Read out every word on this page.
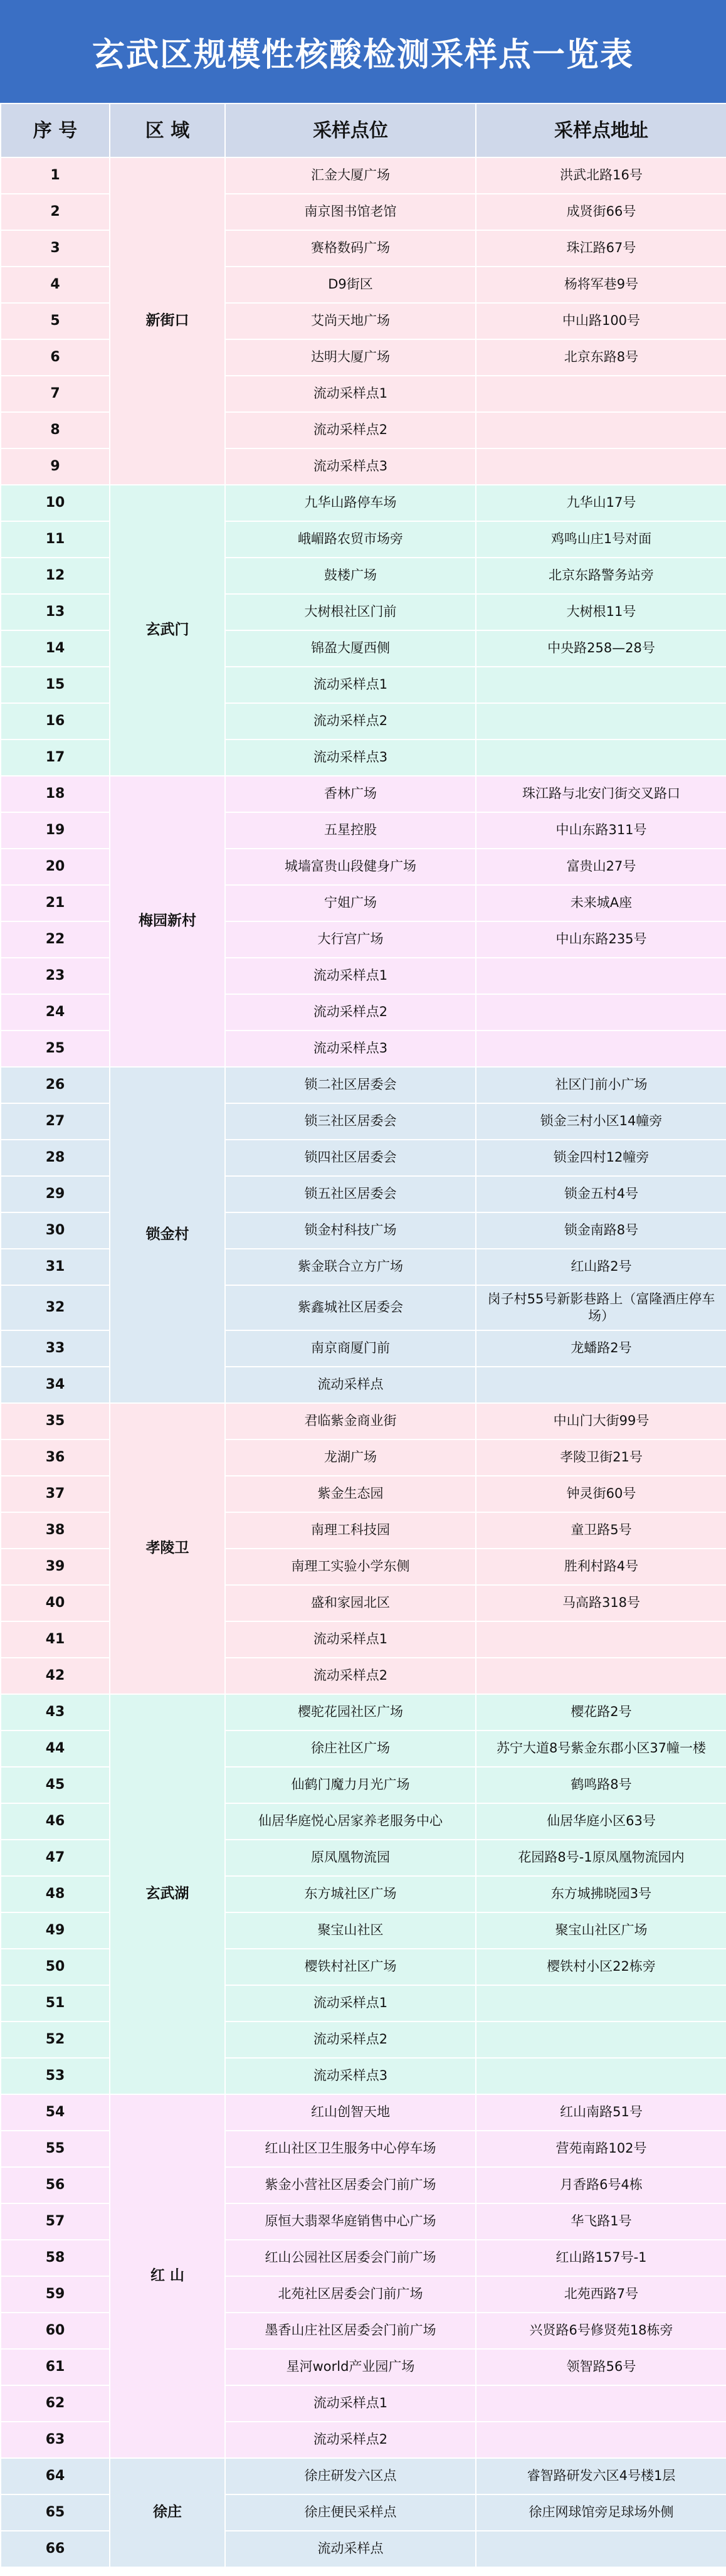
玄武区规模性核酸检测采样点一览表
序 号	区 域	采样点位	采样点地址
1	新街口	汇金大厦广场	洪武北路16号
2		南京图书馆老馆	成贤街66号
3		赛格数码广场	珠江路67号
4		D9街区	杨将军巷9号
5		艾尚天地广场	中山路100号
6		达明大厦广场	北京东路8号
7		流动采样点1	
8		流动采样点2	
9		流动采样点3	
10	玄武门	九华山路停车场	九华山17号
11		峨嵋路农贸市场旁	鸡鸣山庄1号对面
12		鼓楼广场	北京东路警务站旁
13		大树根社区门前	大树根11号
14		锦盈大厦西侧	中央路258—28号
15		流动采样点1	
16		流动采样点2	
17		流动采样点3	
18	梅园新村	香林广场	珠江路与北安门街交叉路口
19		五星控股	中山东路311号
20		城墙富贵山段健身广场	富贵山27号
21		宁姐广场	未来城A座
22		大行宫广场	中山东路235号
23		流动采样点1	
24		流动采样点2	
25		流动采样点3	
26	锁金村	锁二社区居委会	社区门前小广场
27		锁三社区居委会	锁金三村小区14幢旁
28		锁四社区居委会	锁金四村12幢旁
29		锁五社区居委会	锁金五村4号
30		锁金村科技广场	锁金南路8号
31		紫金联合立方广场	红山路2号
32		紫鑫城社区居委会	岗子村55号新影巷路上（富隆酒庄停车场）
33		南京商厦门前	龙蟠路2号
34		流动采样点	
35	孝陵卫	君临紫金商业街	中山门大街99号
36		龙湖广场	孝陵卫街21号
37		紫金生态园	钟灵街60号
38		南理工科技园	童卫路5号
39		南理工实验小学东侧	胜利村路4号
40		盛和家园北区	马高路318号
41		流动采样点1	
42		流动采样点2	
43	玄武湖	樱驼花园社区广场	樱花路2号
44		徐庄社区广场	苏宁大道8号紫金东郡小区37幢一楼
45		仙鹤门魔力月光广场	鹤鸣路8号
46		仙居华庭悦心居家养老服务中心	仙居华庭小区63号
47		原凤凰物流园	花园路8号-1原凤凰物流园内
48		东方城社区广场	东方城拂晓园3号
49		聚宝山社区	聚宝山社区广场
50		樱铁村社区广场	樱铁村小区22栋旁
51		流动采样点1	
52		流动采样点2	
53		流动采样点3	
54	红 山	红山创智天地	红山南路51号
55		红山社区卫生服务中心停车场	营苑南路102号
56		紫金小营社区居委会门前广场	月香路6号4栋
57		原恒大翡翠华庭销售中心广场	华飞路1号
58		红山公园社区居委会门前广场	红山路157号-1
59		北苑社区居委会门前广场	北苑西路7号
60		墨香山庄社区居委会门前广场	兴贤路6号修贤苑18栋旁
61		星河world产业园广场	领智路56号
62		流动采样点1	
63		流动采样点2	
64	徐庄	徐庄研发六区点	睿智路研发六区4号楼1层
65		徐庄便民采样点	徐庄网球馆旁足球场外侧
66		流动采样点	
